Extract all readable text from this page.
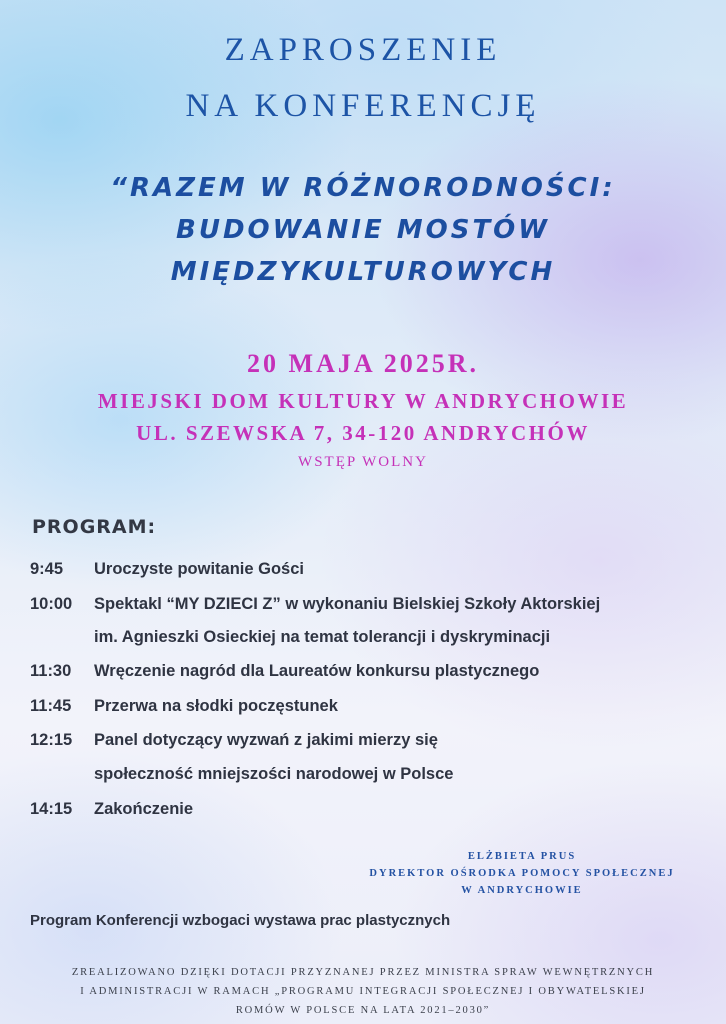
ZAPROSZENIE
NA KONFERENCJĘ
“RAZEM W RÓŻNORODNOŚCI:
BUDOWANIE MOSTÓW
MIĘDZYKULTUROWYCH
20 MAJA 2025R.
MIEJSKI DOM KULTURY W ANDRYCHOWIE
UL. SZEWSKA 7, 34-120 ANDRYCHÓW
WSTĘP WOLNY
PROGRAM:
9:45 Uroczyste powitanie Gości
10:00 Spektakl “MY DZIECI Z” w wykonaniu Bielskiej Szkoły Aktorskiej
im. Agnieszki Osieckiej na temat tolerancji i dyskryminacji
11:30 Wręczenie nagród dla Laureatów konkursu plastycznego
11:45 Przerwa na słodki poczęstunek
12:15 Panel dotyczący wyzwań z jakimi mierzy się
społeczność mniejszości narodowej w Polsce
14:15 Zakończenie
ELŻBIETA PRUS
DYREKTOR OŚRODKA POMOCY SPOŁECZNEJ
W ANDRYCHOWIE
Program Konferencji wzbogaci wystawa prac plastycznych
ZREALIZOWANO DZIĘKI DOTACJI PRZYZNANEJ PRZEZ MINISTRA SPRAW WEWNĘTRZNYCH
I ADMINISTRACJI W RAMACH „PROGRAMU INTEGRACJI SPOŁECZNEJ I OBYWATELSKIEJ
ROMÓW W POLSCE NA LATA 2021–2030”
